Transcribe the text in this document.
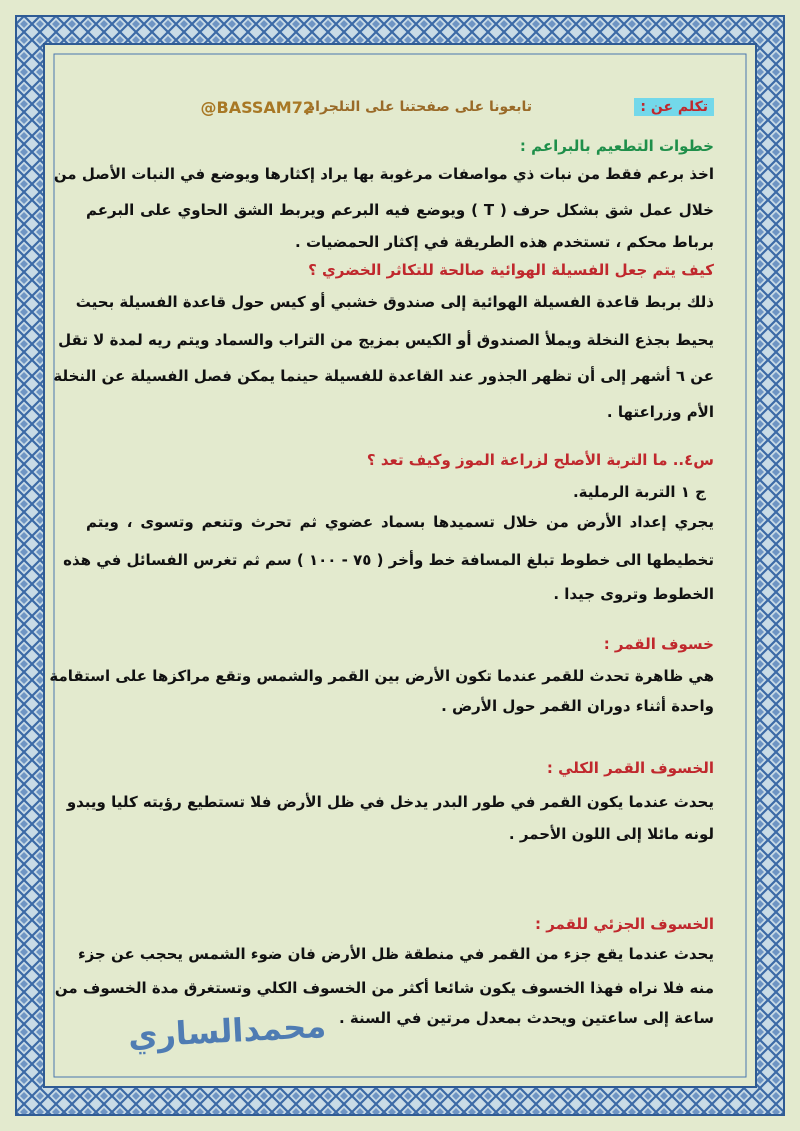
تكلم عن :
تابعونا على صفحتنا على التلجرام
@BASSAM72
خطوات التطعيم بالبراعم :
اخذ برعم فقط من نبات ذي مواصفات مرغوبة بها يراد إكثارها ويوضع في النبات الأصل من
خلال عمل شق بشكل حرف ( T ) ويوضع فيه البرعم ويربط الشق الحاوي على البرعم
برباط محكم ، تستخدم هذه الطريقة في إكثار الحمضيات .
كيف يتم جعل الفسيلة الهوائية صالحة للتكاثر الخضري ؟
ذلك بربط قاعدة الفسيلة الهوائية إلى صندوق خشبي أو كيس حول قاعدة الفسيلة بحيث
يحيط بجذع النخلة ويملأ الصندوق أو الكيس بمزيج من التراب والسماد ويتم ريه لمدة لا تقل
عن ٦ أشهر إلى أن تظهر الجذور عند القاعدة للفسيلة حينما يمكن فصل الفسيلة عن النخلة
الأم وزراعتها .
س٤.. ما التربة الأصلح لزراعة الموز وكيف تعد ؟
ج ١ التربة الرملية.
يجري إعداد الأرض من خلال تسميدها بسماد عضوي ثم تحرث وتنعم وتسوى ، ويتم
تخطيطها الى خطوط تبلغ المسافة خط وأخر ( ٧٥ - ١٠٠ ) سم ثم تغرس الفسائل في هذه
الخطوط وتروى جيدا .
خسوف القمر :
هي ظاهرة تحدث للقمر عندما تكون الأرض بين القمر والشمس وتقع مراكزها على استقامة
واحدة أثناء دوران القمر حول الأرض .
الخسوف القمر الكلي :
يحدث عندما يكون القمر في طور البدر يدخل في ظل الأرض فلا تستطيع رؤيته كليا ويبدو
لونه مائلا إلى اللون الأحمر .
الخسوف الجزئي للقمر :
يحدث عندما يقع جزء من القمر في منطقة ظل الأرض فان ضوء الشمس يحجب عن جزء
منه فلا نراه فهذا الخسوف يكون شائعا أكثر من الخسوف الكلي وتستغرق مدة الخسوف من
ساعة إلى ساعتين ويحدث بمعدل مرتين في السنة .
محمدالساري
